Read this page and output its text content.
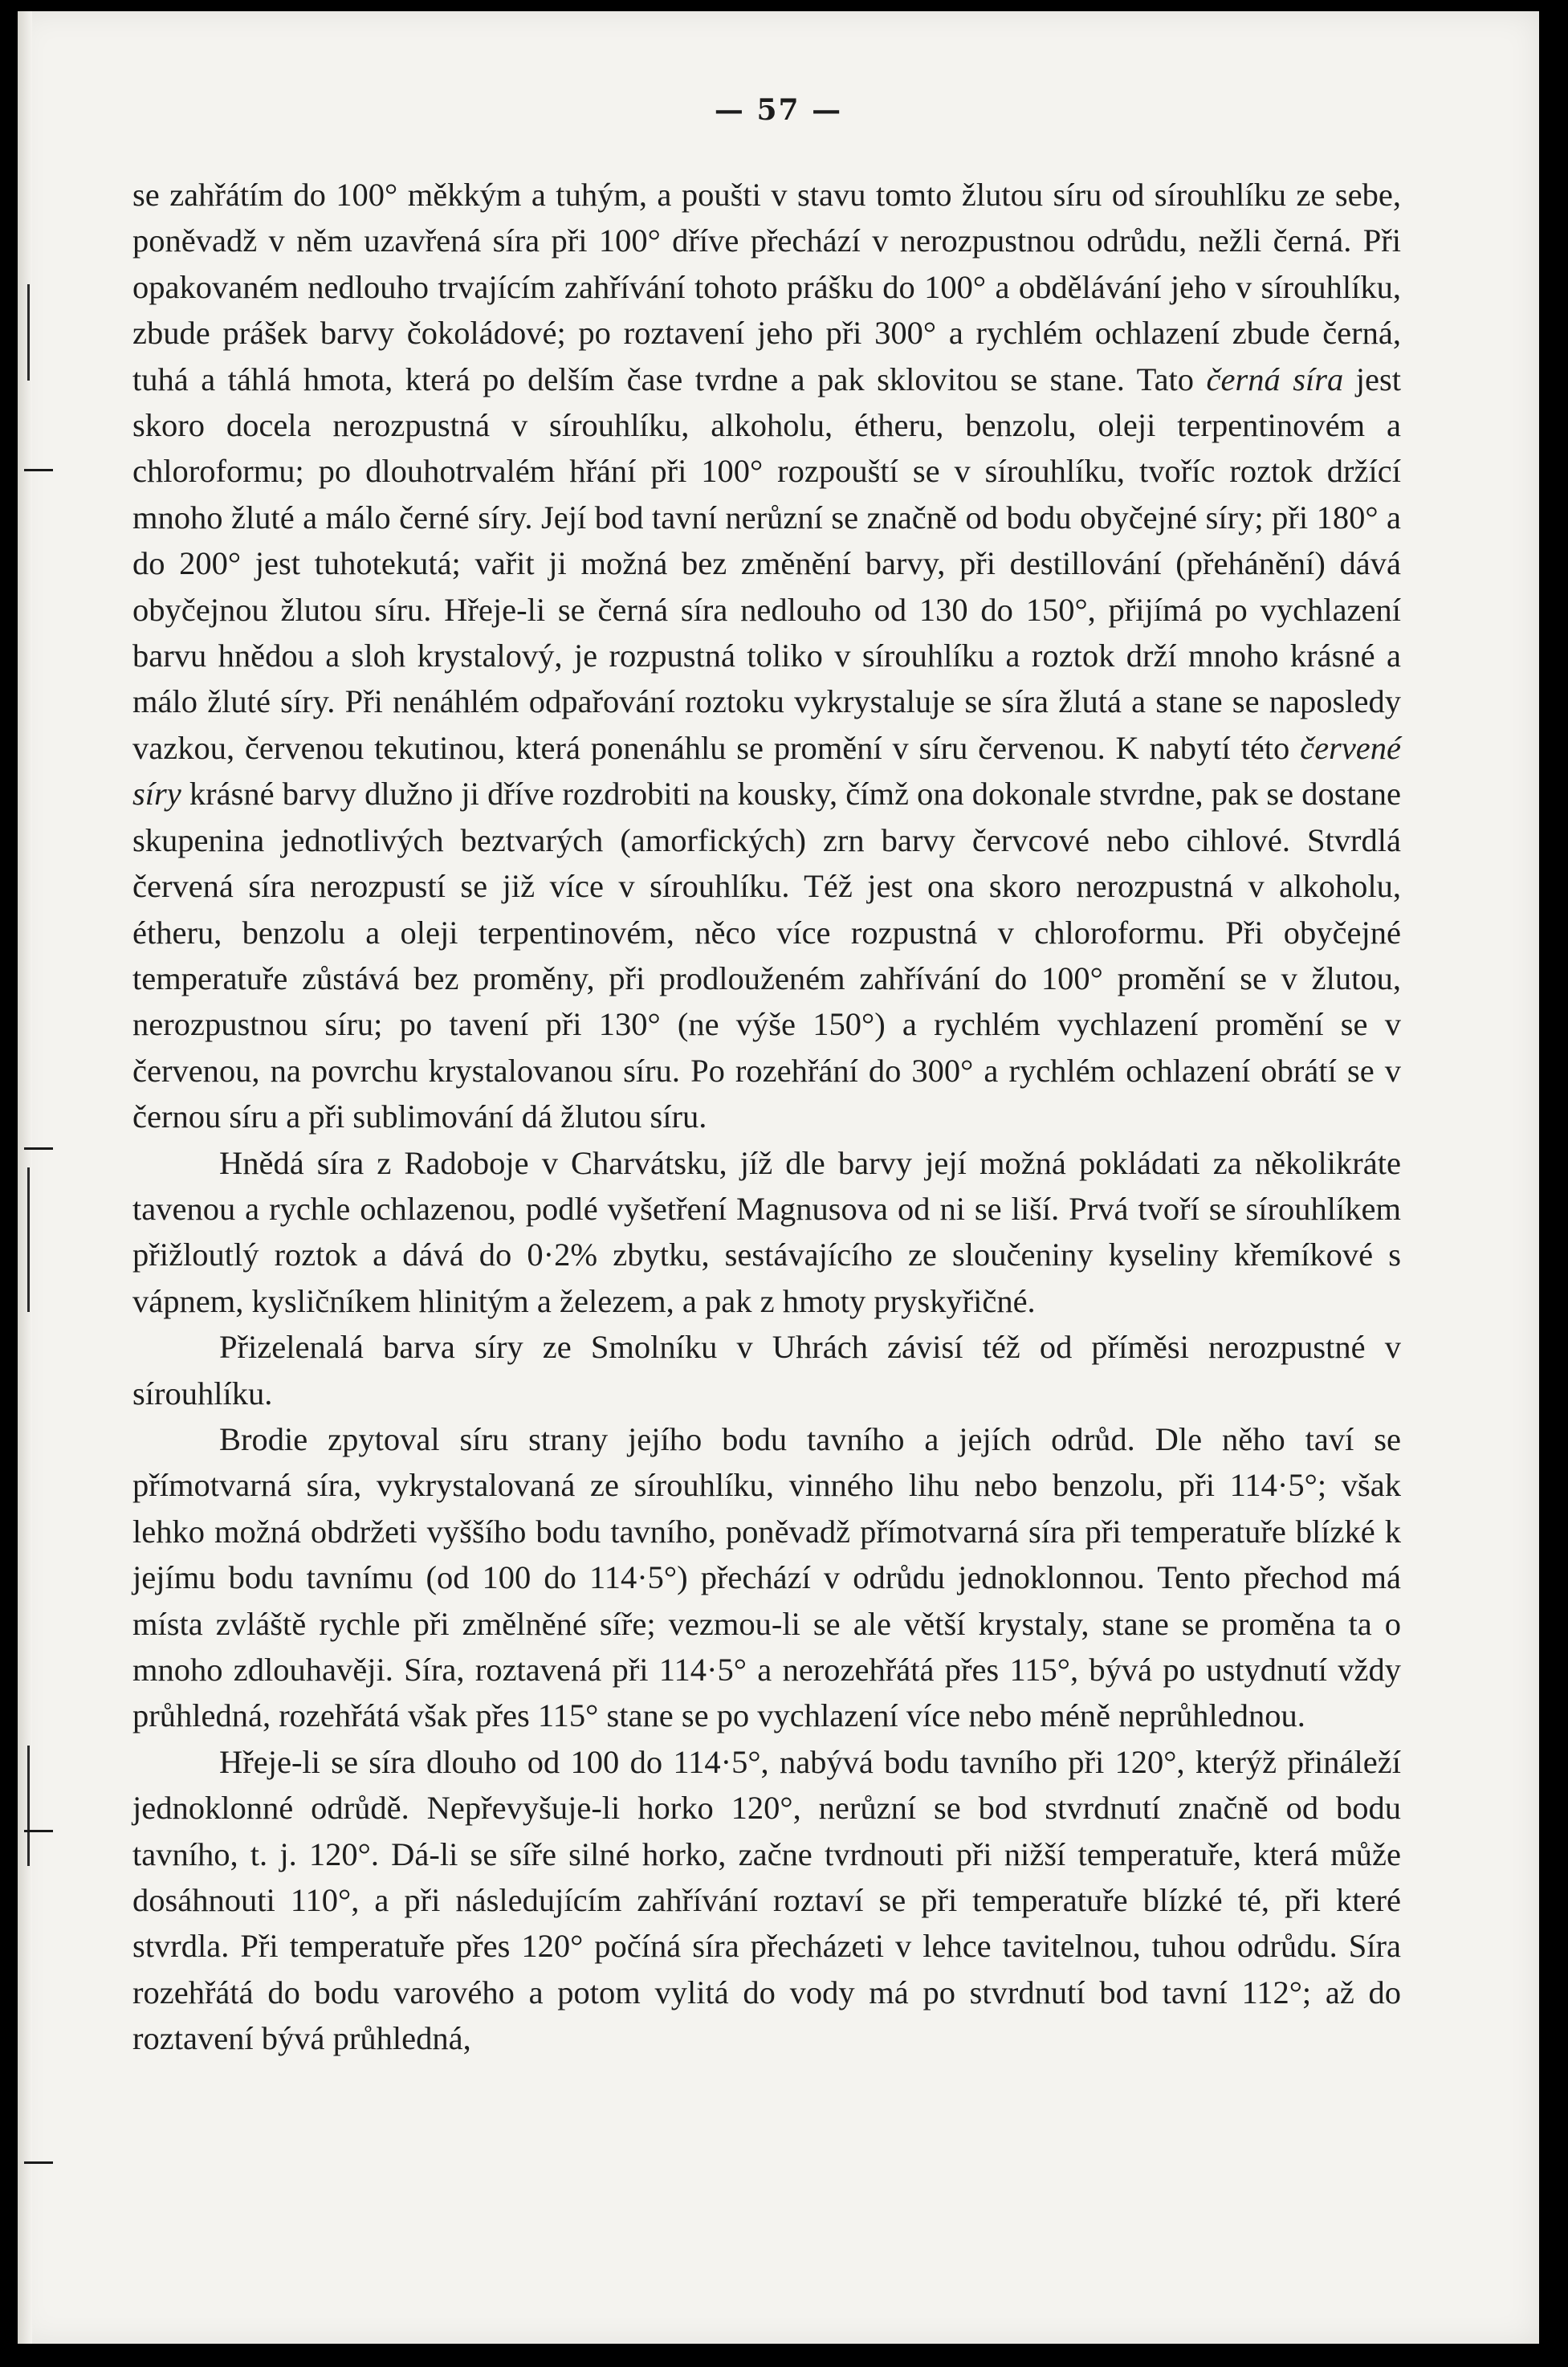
— 57 —

se zahřátím do 100° měkkým a tuhým, a poušti v stavu tomto žlutou síru od sírouhlíku ze sebe, poněvadž v něm uzavřená síra při 100° dříve přechází v nerozpustnou odrůdu, nežli černá. Při opakovaném nedlouho trvajícím zahřívání tohoto prášku do 100° a obdělávání jeho v sírouhlíku, zbude prášek barvy čokoládové; po roztavení jeho při 300° a rychlém ochlazení zbude černá, tuhá a táhlá hmota, která po delším čase tvrdne a pak sklovitou se stane. Tato černá síra jest skoro docela nerozpustná v sírouhlíku, alkoholu, étheru, benzolu, oleji terpentinovém a chloroformu; po dlouhotrvalém hřání při 100° rozpouští se v sírouhlíku, tvoříc roztok držící mnoho žluté a málo černé síry. Její bod tavní nerůzní se značně od bodu obyčejné síry; při 180° a do 200° jest tuhotekutá; vařit ji možná bez změnění barvy, při destillování (přehánění) dává obyčejnou žlutou síru. Hřeje-li se černá síra nedlouho od 130 do 150°, přijímá po vychlazení barvu hnědou a sloh krystalový, je rozpustná toliko v sírouhlíku a roztok drží mnoho krásné a málo žluté síry. Při nenáhlém odpařování roztoku vykrystaluje se síra žlutá a stane se naposledy vazkou, červenou tekutinou, která ponenáhlu se promění v síru červenou. K nabytí této červené síry krásné barvy dlužno ji dříve rozdrobiti na kousky, čímž ona dokonale stvrdne, pak se dostane skupenina jednotlivých beztvarých (amorfických) zrn barvy červcové nebo cihlové. Stvrdlá červená síra nerozpustí se již více v sírouhlíku. Též jest ona skoro nerozpustná v alkoholu, étheru, benzolu a oleji terpentinovém, něco více rozpustná v chloroformu. Při obyčejné temperatuře zůstává bez proměny, při prodlouženém zahřívání do 100° promění se v žlutou, nerozpustnou síru; po tavení při 130° (ne výše 150°) a rychlém vychlazení promění se v červenou, na povrchu krystalovanou síru. Po rozehřání do 300° a rychlém ochlazení obrátí se v černou síru a při sublimování dá žlutou síru.

Hnědá síra z Radoboje v Charvátsku, jíž dle barvy její možná pokládati za několikráte tavenou a rychle ochlazenou, podlé vyšetření Magnusova od ni se liší. Prvá tvoří se sírouhlíkem přižloutlý roztok a dává do 0·2% zbytku, sestávajícího ze sloučeniny kyseliny křemíkové s vápnem, kysličníkem hlinitým a železem, a pak z hmoty pryskyřičné.

Přizelenalá barva síry ze Smolníku v Uhrách závisí též od příměsi nerozpustné v sírouhlíku.

Brodie zpytoval síru strany jejího bodu tavního a jejích odrůd. Dle něho taví se přímotvarná síra, vykrystalovaná ze sírouhlíku, vinného lihu nebo benzolu, při 114·5°; však lehko možná obdržeti vyššího bodu tavního, poněvadž přímotvarná síra při temperatuře blízké k jejímu bodu tavnímu (od 100 do 114·5°) přechází v odrůdu jednoklonnou. Tento přechod má místa zvláště rychle při změlněné síře; vezmou-li se ale větší krystaly, stane se proměna ta o mnoho zdlouhavěji. Síra, roztavená při 114·5° a nerozehřátá přes 115°, bývá po ustydnutí vždy průhledná, rozehřátá však přes 115° stane se po vychlazení více nebo méně neprůhlednou.

Hřeje-li se síra dlouho od 100 do 114·5°, nabývá bodu tavního při 120°, kterýž přináleží jednoklonné odrůdě. Nepřevyšuje-li horko 120°, nerůzní se bod stvrdnutí značně od bodu tavního, t. j. 120°. Dá-li se síře silné horko, začne tvrdnouti při nižší temperatuře, která může dosáhnouti 110°, a při následujícím zahřívání roztaví se při temperatuře blízké té, při které stvrdla. Při temperatuře přes 120° počíná síra přecházeti v lehce tavitelnou, tuhou odrůdu. Síra rozehřátá do bodu varového a potom vylitá do vody má po stvrdnutí bod tavní 112°; až do roztavení bývá průhledná,
